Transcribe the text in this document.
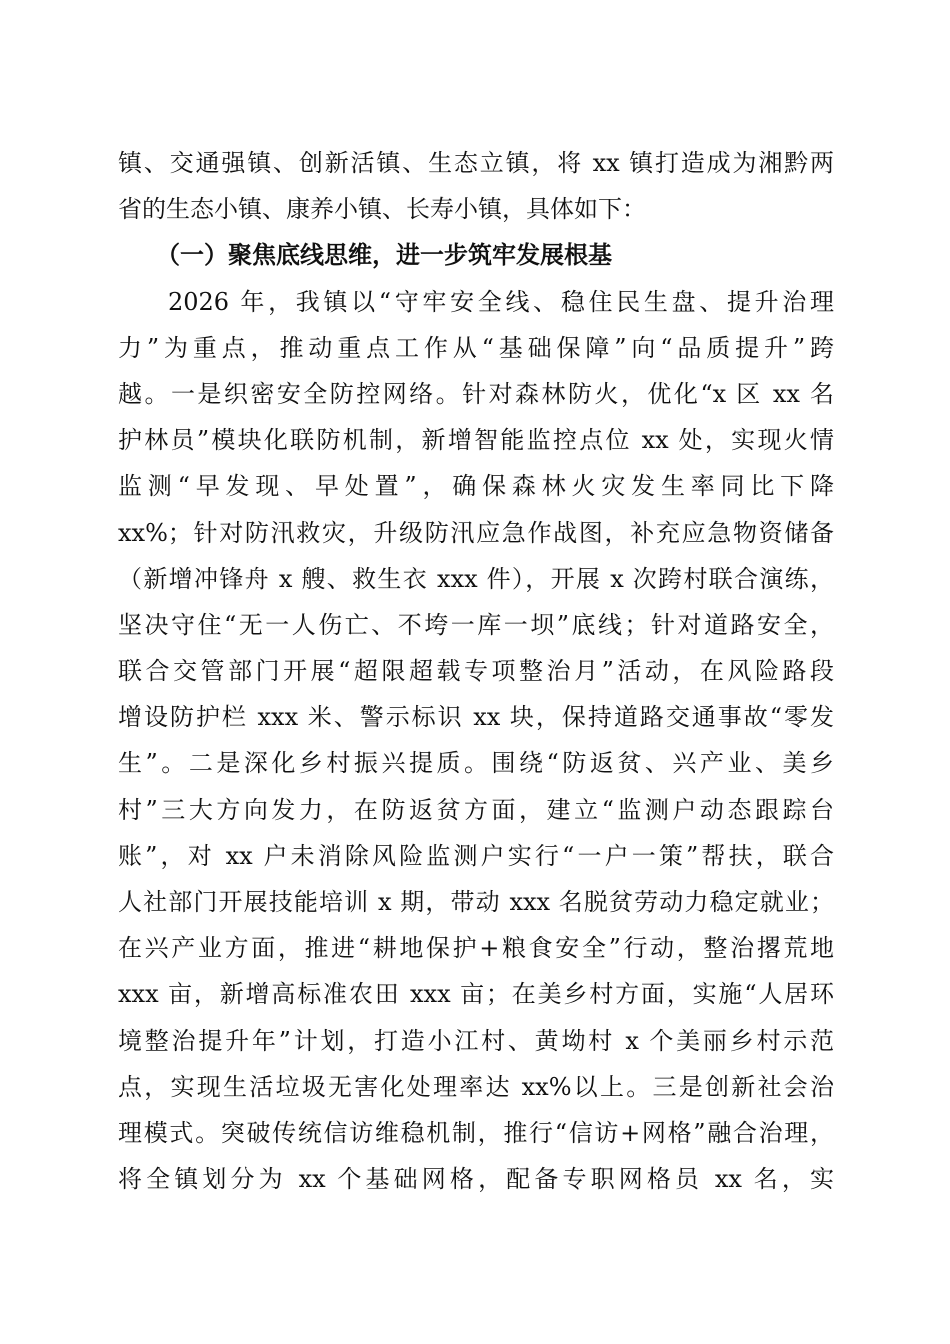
镇、交通强镇、创新活镇、生态立镇，将 xx 镇打造成为湘黔两
省的生态小镇、康养小镇、长寿小镇，具体如下：
（一）聚焦底线思维，进一步筑牢发展根基
2026 年，我镇以“守牢安全线、稳住民生盘、提升治理
力”为重点，推动重点工作从“基础保障”向“品质提升”跨
越。一是织密安全防控网络。针对森林防火，优化“x 区 xx 名
护林员”模块化联防机制，新增智能监控点位 xx 处，实现火情
监测“早发现、早处置”，确保森林火灾发生率同比下降
xx%；针对防汛救灾，升级防汛应急作战图，补充应急物资储备
（新增冲锋舟 x 艘、救生衣 xxx 件），开展 x 次跨村联合演练，
坚决守住“无一人伤亡、不垮一库一坝”底线；针对道路安全，
联合交管部门开展“超限超载专项整治月”活动，在风险路段
增设防护栏 xxx 米、警示标识 xx 块，保持道路交通事故“零发
生”。二是深化乡村振兴提质。围绕“防返贫、兴产业、美乡
村”三大方向发力，在防返贫方面，建立“监测户动态跟踪台
账”，对 xx 户未消除风险监测户实行“一户一策”帮扶，联合
人社部门开展技能培训 x 期，带动 xxx 名脱贫劳动力稳定就业；
在兴产业方面，推进“耕地保护+粮食安全”行动，整治撂荒地
xxx 亩，新增高标准农田 xxx 亩；在美乡村方面，实施“人居环
境整治提升年”计划，打造小江村、黄坳村 x 个美丽乡村示范
点，实现生活垃圾无害化处理率达 xx%以上。三是创新社会治
理模式。突破传统信访维稳机制，推行“信访+网格”融合治理，
将全镇划分为 xx 个基础网格，配备专职网格员 xx 名，实
